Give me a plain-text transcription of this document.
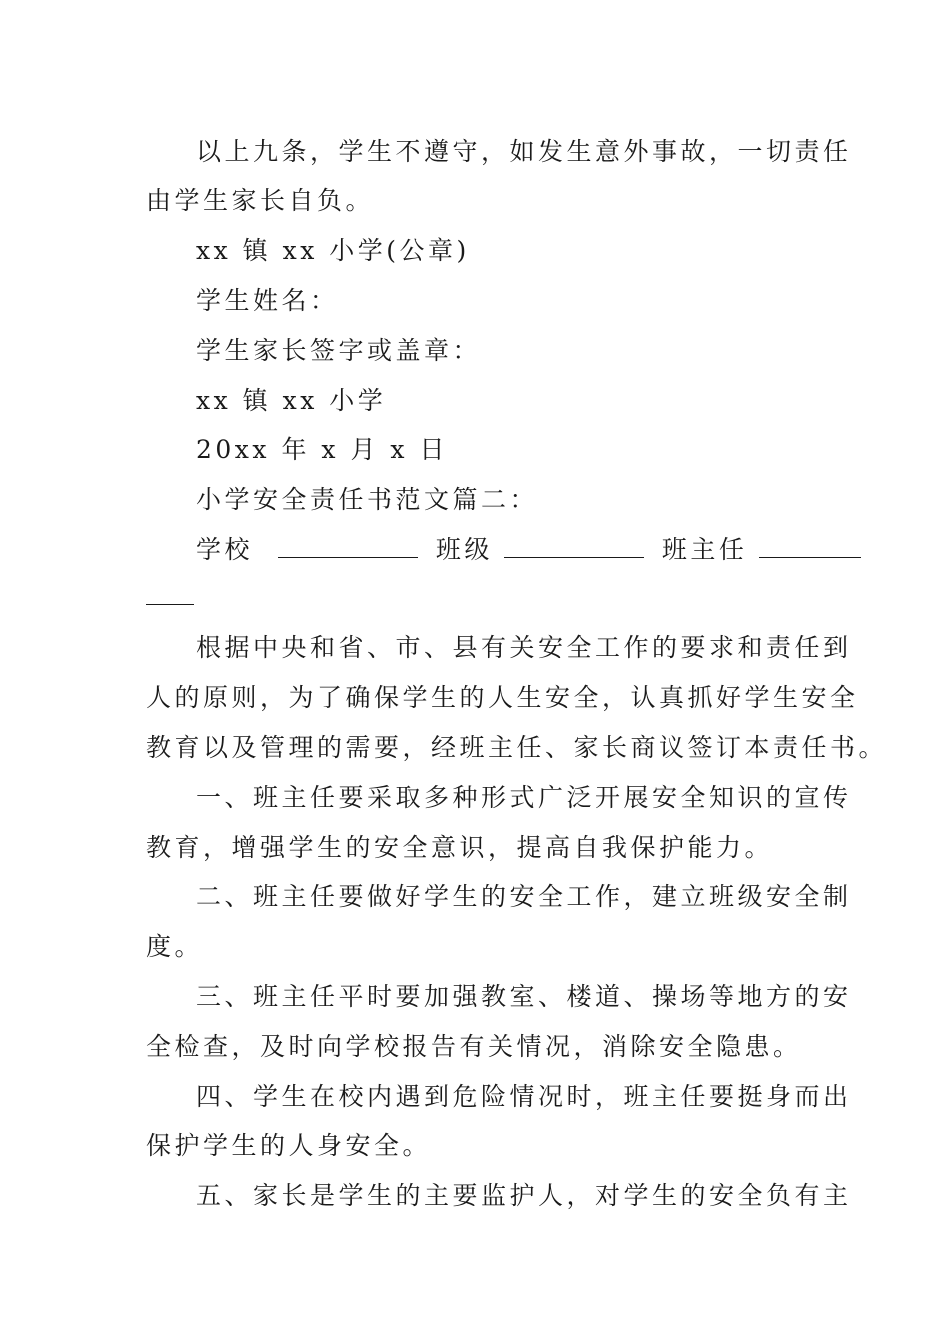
以上九条，学生不遵守，如发生意外事故，一切责任
由学生家长自负。
xx 镇 xx 小学(公章)
学生姓名：
学生家长签字或盖章：
xx 镇 xx 小学
20xx 年 x 月 x 日
小学安全责任书范文篇二：
学校	班级	班主任
根据中央和省、市、县有关安全工作的要求和责任到
人的原则，为了确保学生的人生安全，认真抓好学生安全
教育以及管理的需要，经班主任、家长商议签订本责任书。
一、班主任要采取多种形式广泛开展安全知识的宣传
教育，增强学生的安全意识，提高自我保护能力。
二、班主任要做好学生的安全工作，建立班级安全制
度。
三、班主任平时要加强教室、楼道、操场等地方的安
全检查，及时向学校报告有关情况，消除安全隐患。
四、学生在校内遇到危险情况时，班主任要挺身而出
保护学生的人身安全。
五、家长是学生的主要监护人，对学生的安全负有主
